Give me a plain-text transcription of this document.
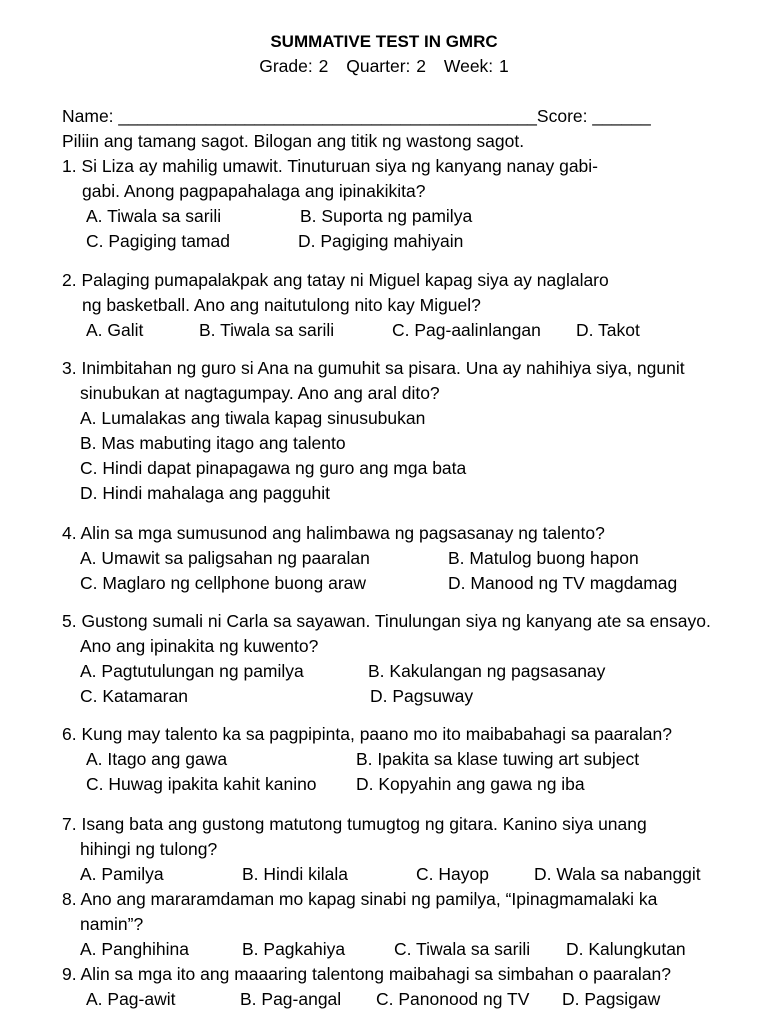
SUMMATIVE TEST IN GMRC
Grade: 2 Quarter: 2 Week: 1
Name: ___________________________________________Score: ______
Piliin ang tamang sagot. Bilogan ang titik ng wastong sagot.
1. Si Liza ay mahilig umawit. Tinuturuan siya ng kanyang nanay gabi-
gabi. Anong pagpapahalaga ang ipinakikita?
A. Tiwala sa sarili	B. Suporta ng pamilya
C. Pagiging tamad	D. Pagiging mahiyain
2. Palaging pumapalakpak ang tatay ni Miguel kapag siya ay naglalaro
ng basketball. Ano ang naitutulong nito kay Miguel?
A. Galit	B. Tiwala sa sarili	C. Pag-aalinlangan D. Takot
3. Inimbitahan ng guro si Ana na gumuhit sa pisara. Una ay nahihiya siya, ngunit
sinubukan at nagtagumpay. Ano ang aral dito?
A. Lumalakas ang tiwala kapag sinusubukan
B. Mas mabuting itago ang talento
C. Hindi dapat pinapagawa ng guro ang mga bata
D. Hindi mahalaga ang pagguhit
4. Alin sa mga sumusunod ang halimbawa ng pagsasanay ng talento?
A. Umawit sa paligsahan ng paaralan	B. Matulog buong hapon
C. Maglaro ng cellphone buong araw	D. Manood ng TV magdamag
5. Gustong sumali ni Carla sa sayawan. Tinulungan siya ng kanyang ate sa ensayo.
Ano ang ipinakita ng kuwento?
A. Pagtutulungan ng pamilya	B. Kakulangan ng pagsasanay
C. Katamaran	D. Pagsuway
6. Kung may talento ka sa pagpipinta, paano mo ito maibabahagi sa paaralan?
A. Itago ang gawa	B. Ipakita sa klase tuwing art subject
C. Huwag ipakita kahit kanino D. Kopyahin ang gawa ng iba
7. Isang bata ang gustong matutong tumugtog ng gitara. Kanino siya unang
hihingi ng tulong?
A. Pamilya	B. Hindi kilala	C. Hayop	D. Wala sa nabanggit
8. Ano ang mararamdaman mo kapag sinabi ng pamilya, “Ipinagmamalaki ka
namin”?
A. Panghihina	B. Pagkahiya	C. Tiwala sa sarili D. Kalungkutan
9. Alin sa mga ito ang maaaring talentong maibahagi sa simbahan o paaralan?
A. Pag-awit	B. Pag-angal C. Panonood ng TV D. Pagsigaw
